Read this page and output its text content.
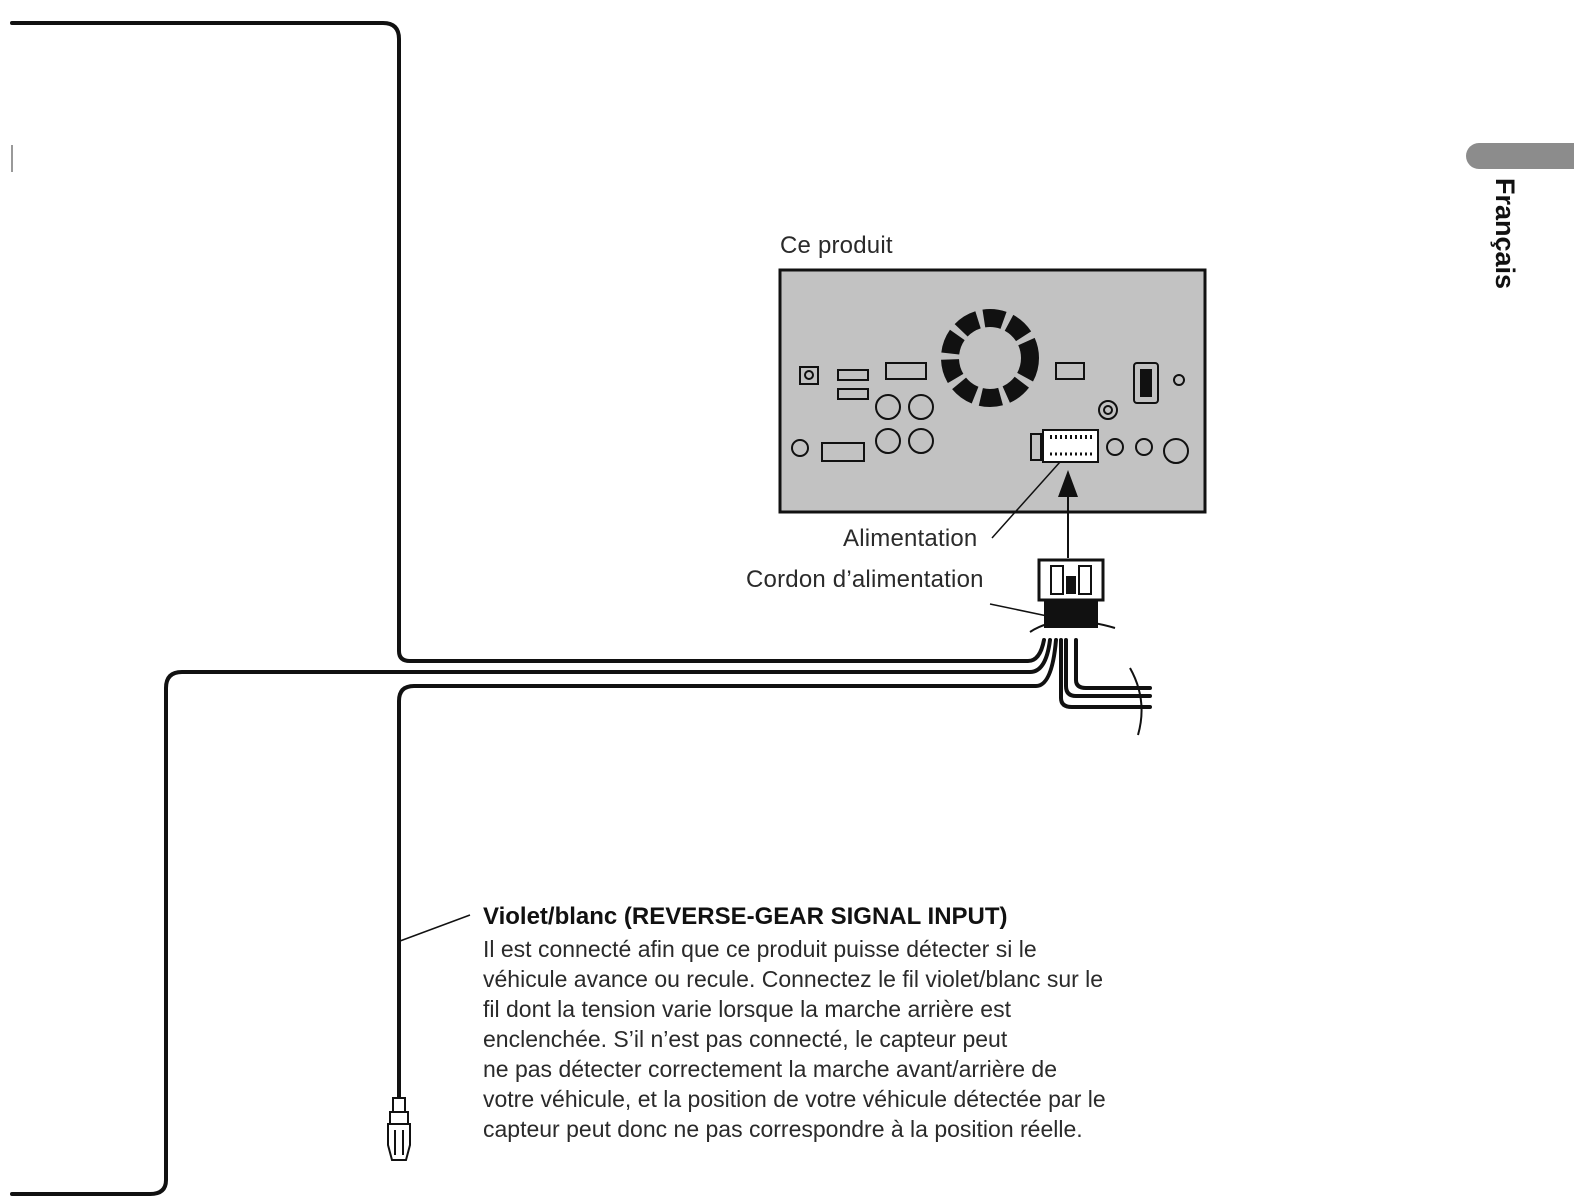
Ce produit
Alimentation
Cordon d’alimentation
Violet/blanc (REVERSE-GEAR SIGNAL INPUT)
Il est connecté afin que ce produit puisse détecter si le
véhicule avance ou recule. Connectez le fil violet/blanc sur le
fil dont la tension varie lorsque la marche arrière est
enclenchée. S’il n’est pas connecté, le capteur peut
ne pas détecter correctement la marche avant/arrière de
votre véhicule, et la position de votre véhicule détectée par le
capteur peut donc ne pas correspondre à la position réelle.
Français
